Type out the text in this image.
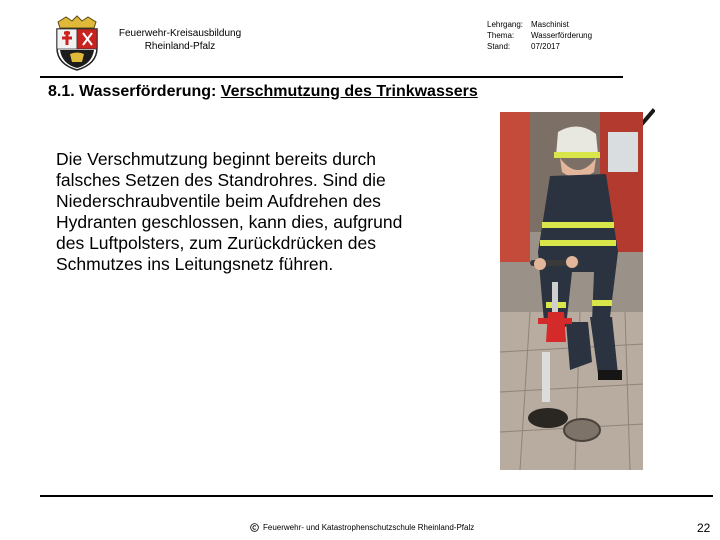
Feuerwehr-Kreisausbildung
Rheinland-Pfalz
Lehrgang: Maschinist
Thema:	Wasserförderung
Stand:	07/2017
8.1. Wasserförderung: Verschmutzung des Trinkwassers
Die Verschmutzung beginnt bereits durch
falsches Setzen des Standrohres. Sind die
Niederschraubventile beim Aufdrehen des
Hydranten geschlossen, kann dies, aufgrund
des Luftpolsters, zum Zurückdrücken des
Schmutzes ins Leitungsnetz führen.
Feuerwehr- und Katastrophenschutzschule Rheinland-Pfalz	22
